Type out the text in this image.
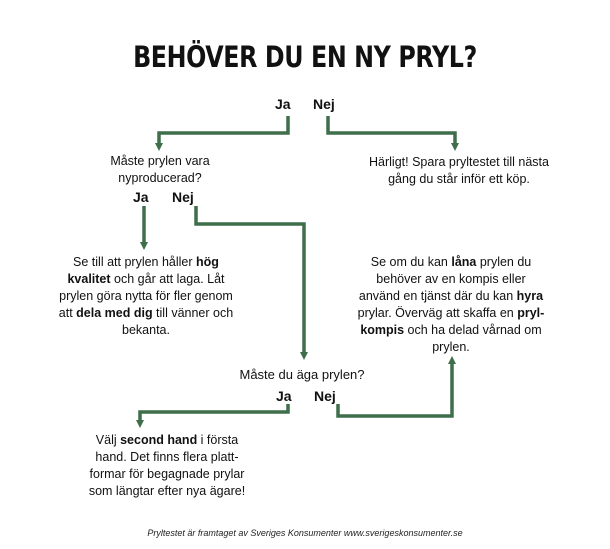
BEHÖVER DU EN NY PRYL?
Ja Nej
Härligt! Spara pryltestet till nästa gång du står inför ett köp.
Måste prylen vara nyproducerad?
Ja Nej
Se till att prylen håller hög kvalitet och går att laga. Låt prylen göra nytta för fler genom att dela med dig till vänner och bekanta.
Se om du kan låna prylen du behöver av en kompis eller använd en tjänst där du kan hyra prylar. Överväg att skaffa en pryl-kompis och ha delad vårnad om prylen.
Måste du äga prylen?
Ja Nej
Välj second hand i första hand. Det finns flera platt-formar för begagnade prylar som längtar efter nya ägare!
Pryltestet är framtaget av Sveriges Konsumenter www.sverigeskonsumenter.se
